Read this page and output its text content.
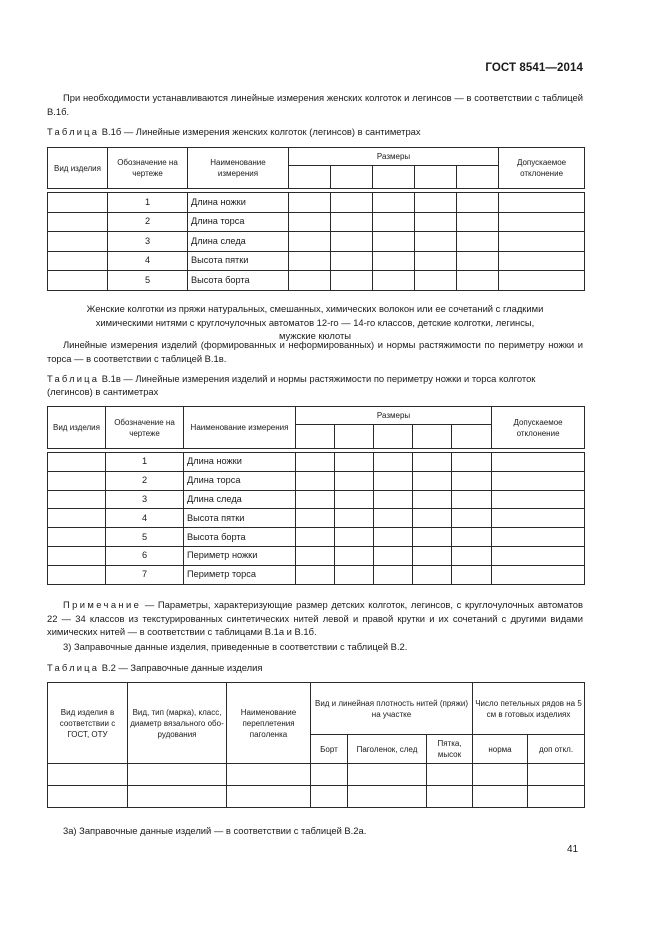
ГОСТ 8541—2014
При необходимости устанавливаются линейные измерения женских колготок и легинсов — в соответствии с таблицей В.1б.
Таблица В.1б — Линейные измерения женских колготок (легинсов) в сантиметрах
Вид изделия	Обозначение на чертеже	Наименование измерения	Размеры					Допускаемое отклонение

	1	Длина ножки						
	2	Длина торса						
	3	Длина следа						
	4	Высота пятки						
	5	Высота борта						
Женские колготки из пряжи натуральных, смешанных, химических волокон или ее сочетаний с гладкими
химическими нитями с круглочулочных автоматов 12-го — 14-го классов, детские колготки, легинсы,
мужские кюлоты
Линейные измерения изделий (формированных и неформированных) и нормы растяжимости по периметру ножки и торса — в соответствии с таблицей В.1в.
Таблица В.1в — Линейные измерения изделий и нормы растяжимости по периметру ножки и торса колготок (легинсов) в сантиметрах
Вид изделия	Обозначение на чертеже	Наименование измерения	Размеры					Допускаемое отклонение

	1	Длина ножки						
	2	Длина торса						
	3	Длина следа						
	4	Высота пятки						
	5	Высота борта						
	6	Периметр ножки						
	7	Периметр торса						
Примечание — Параметры, характеризующие размер детских колготок, легинсов, с круглочулочных автоматов 22 — 34 классов из текстурированных синтетических нитей левой и правой крутки и их сочетаний с другими видами химических нитей — в соответствии с таблицами В.1а и В.1б.
3) Заправочные данные изделия, приведенные в соответствии с таблицей В.2.
Таблица В.2 — Заправочные данные изделия
Вид изделия в соответствии с ГОСТ, ОТУ	Вид, тип (марка), класс, диаметр вязального обо-рудования	Наименование переплетения паголенка	Вид и линейная плотность нитей (пряжи) на участке			Число петельных рядов на 5 см в готовых изделиях	
			Борт	Паголенок, след	Пятка, мысок	норма	доп откл.

3а) Заправочные данные изделий — в соответствии с таблицей В.2а.
41
